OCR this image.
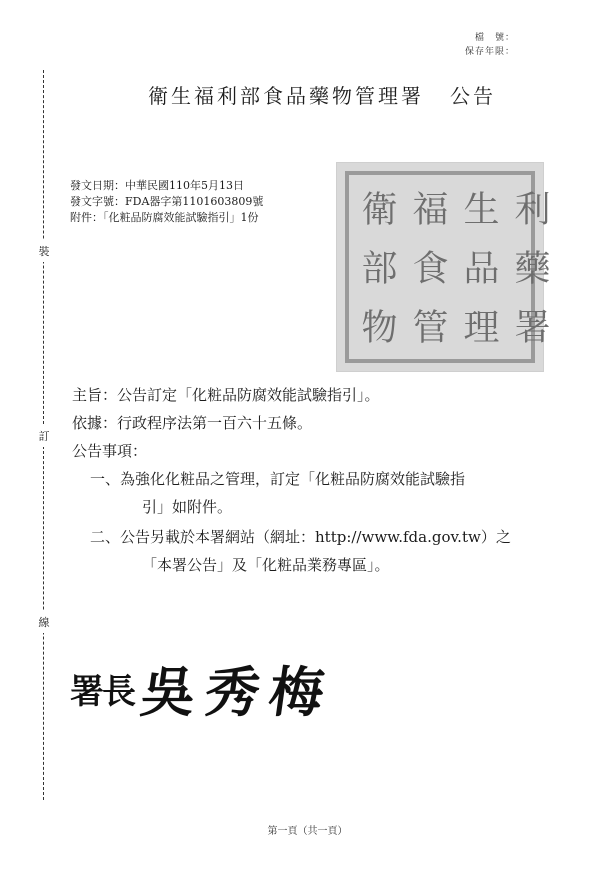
檔　號：
保存年限：
衛生福利部食品藥物管理署 公告
裝
訂
線
發文日期：中華民國110年5月13日
發文字號：FDA器字第1101603809號
附件：「化粧品防腐效能試驗指引」1份	衛 福 生 利
部 食 品 藥
物 管 理 署
主旨：公告訂定「化粧品防腐效能試驗指引」。
依據：行政程序法第一百六十五條。
公告事項：
一、為強化化粧品之管理，訂定「化粧品防腐效能試驗指
引」如附件。
二、公告另載於本署網站（網址：http://www.fda.gov.tw）之
「本署公告」及「化粧品業務專區」。
署長 吳秀梅
第一頁（共一頁）
